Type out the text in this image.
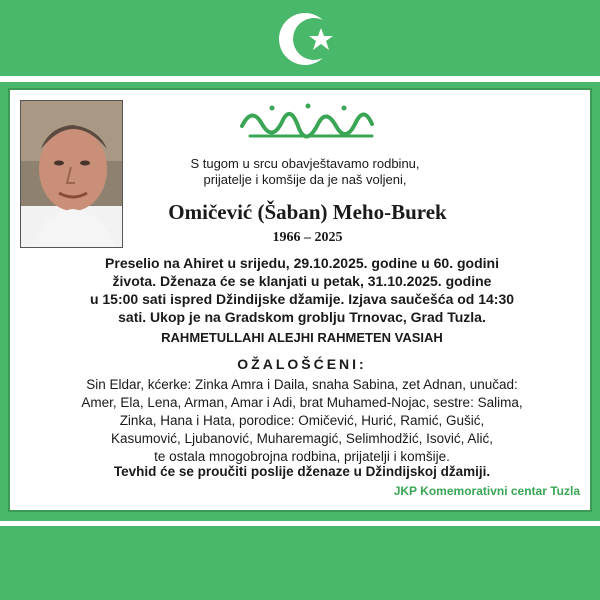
S tugom u srcu obavještavamo rodbinu,
prijatelje i komšije da je naš voljeni,
Omičević (Šaban) Meho-Burek
1966 – 2025
Preselio na Ahiret u srijedu, 29.10.2025. godine u 60. godini
života. Dženaza će se klanjati u petak, 31.10.2025. godine
u 15:00 sati ispred Džindijske džamije. Izjava saučešća od 14:30
sati. Ukop je na Gradskom groblju Trnovac, Grad Tuzla.
RAHMETULLAHI ALEJHI RAHMETEN VASIAH
OŽALOŠĆENI:
Sin Eldar, kćerke: Zinka Amra i Daila, snaha Sabina, zet Adnan, unučad:
Amer, Ela, Lena, Arman, Amar i Adi, brat Muhamed-Nojac, sestre: Salima,
Zinka, Hana i Hata, porodice: Omičević, Hurić, Ramić, Gušić,
Kasumović, Ljubanović, Muharemagić, Selimhodžić, Isović, Alić,
te ostala mnogobrojna rodbina, prijatelji i komšije.
Tevhid će se proučiti poslije dženaze u Džindijskoj džamiji.
JKP Komemorativni centar Tuzla
